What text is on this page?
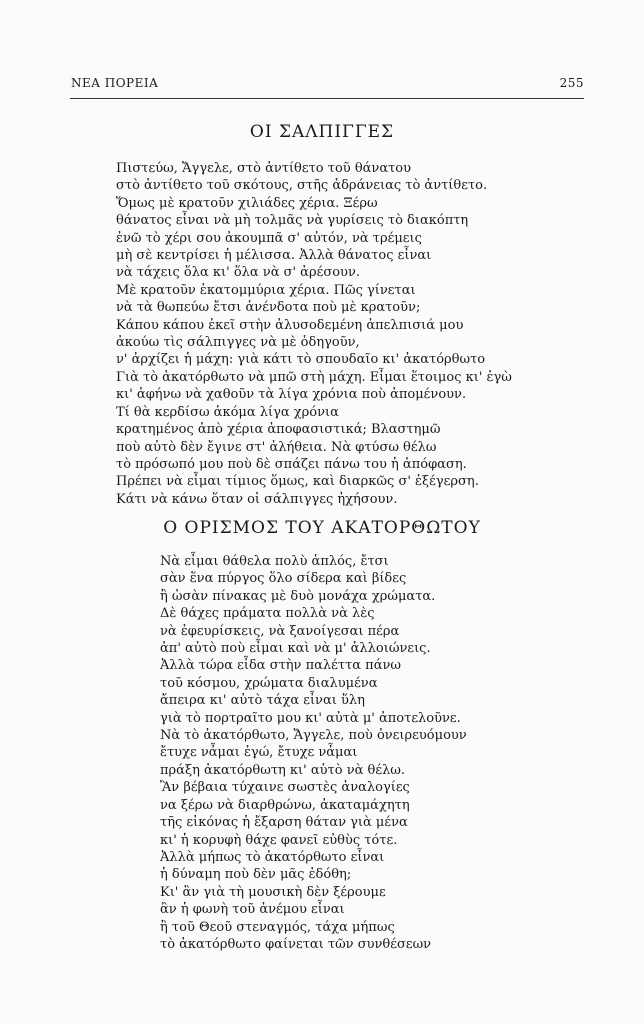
ΝΕΑ ΠΟΡΕΙΑ	255
ΟΙ ΣΑΛΠΙΓΓΕΣ
Πιστεύω, Ἄγγελε, στὸ ἀντίθετο τοῦ θάνατου
στὸ ἀντίθετο τοῦ σκότους, στῆς ἀδράνειας τὸ ἀντίθετο.
Ὅμως μὲ κρατοῦν χιλιάδες χέρια. Ξέρω
θάνατος εἶναι νὰ μὴ τολμᾶς νὰ γυρίσεις τὸ διακόπτη
ἐνῶ τὸ χέρι σου ἀκουμπᾶ σ' αὐτόν, νὰ τρέμεις
μὴ σὲ κεντρίσει ἡ μέλισσα. Ἀλλὰ θάνατος εἶναι
νὰ τάχεις ὅλα κι' ὅλα νὰ σ' ἀρέσουν.
Μὲ κρατοῦν ἑκατομμύρια χέρια. Πῶς γίνεται
νὰ τὰ θωπεύω ἔτσι ἀνένδοτα ποὺ μὲ κρατοῦν;
Κάπου κάπου ἐκεῖ στὴν ἁλυσοδεμένη ἀπελπισιά μου
ἀκούω τὶς σάλπιγγες νὰ μὲ ὁδηγοῦν,
ν' ἀρχίζει ἡ μάχη: γιὰ κάτι τὸ σπουδαῖο κι' ἀκατόρθωτο
Γιὰ τὸ ἀκατόρθωτο νὰ μπῶ στὴ μάχη. Εἶμαι ἕτοιμος κι' ἐγὼ
κι' ἀφήνω νὰ χαθοῦν τὰ λίγα χρόνια ποὺ ἀπομένουν.
Τί θὰ κερδίσω ἀκόμα λίγα χρόνια
κρατημένος ἀπὸ χέρια ἀποφασιστικά; Βλαστημῶ
ποὺ αὐτὸ δὲν ἔγινε στ' ἀλήθεια. Νὰ φτύσω θέλω
τὸ πρόσωπό μου ποὺ δὲ σπάζει πάνω του ἡ ἀπόφαση.
Πρέπει νὰ εἶμαι τίμιος ὅμως, καὶ διαρκῶς σ' ἐξέγερση.
Κάτι νὰ κάνω ὅταν οἱ σάλπιγγες ἠχήσουν.
Ο ΟΡΙΣΜΟΣ ΤΟΥ ΑΚΑΤΟΡΘΩΤΟΥ
Νὰ εἶμαι θάθελα πολὺ ἁπλός, ἔτσι
σὰν ἕνα πύργος ὅλο σίδερα καὶ βίδες
ἢ ὡσὰν πίνακας μὲ δυὸ μονάχα χρώματα.
Δὲ θάχες πράματα πολλὰ νὰ λὲς
νὰ ἐφευρίσκεις, νὰ ξανοίγεσαι πέρα
ἀπ' αὐτὸ ποὺ εἶμαι καὶ νὰ μ' ἀλλοιώνεις.
Ἀλλὰ τώρα εἶδα στὴν παλέττα πάνω
τοῦ κόσμου, χρώματα διαλυμένα
ἄπειρα κι' αὐτὸ τάχα εἶναι ὕλη
γιὰ τὸ πορτραῖτο μου κι' αὐτὰ μ' ἀποτελοῦνε.
Νὰ τὸ ἀκατόρθωτο, Ἄγγελε, ποὺ ὀνειρευόμουν
ἔτυχε νἆμαι ἐγώ, ἔτυχε νἆμαι
πράξη ἀκατόρθωτη κι' αὐτὸ νὰ θέλω.
Ἂν βέβαια τύχαινε σωστὲς ἀναλογίες
να ξέρω νὰ διαρθρώνω, ἀκαταμάχητη
τῆς εἰκόνας ἡ ἔξαρση θάταν γιὰ μένα
κι' ἡ κορυφὴ θάχε φανεῖ εὐθὺς τότε.
Ἀλλὰ μήπως τὸ ἀκατόρθωτο εἶναι
ἡ δύναμη ποὺ δὲν μᾶς ἐδόθη;
Κι' ἂν γιὰ τὴ μουσικὴ δὲν ξέρουμε
ἂν ἡ φωνὴ τοῦ ἀνέμου εἶναι
ἢ τοῦ Θεοῦ στεναγμός, τάχα μήπως
τὸ ἀκατόρθωτο φαίνεται τῶν συνθέσεων
